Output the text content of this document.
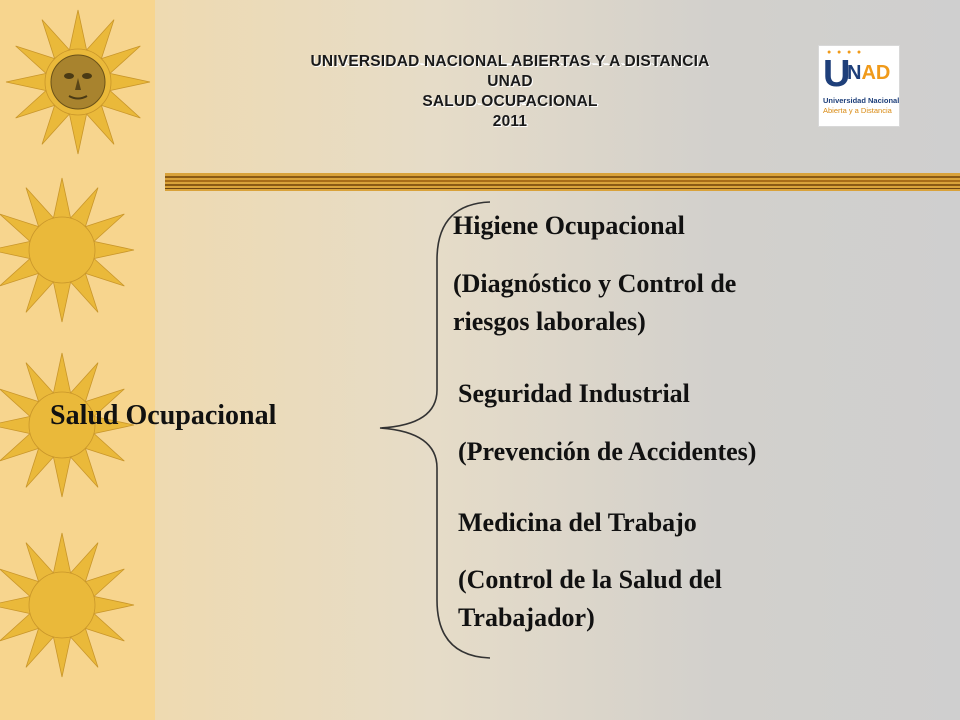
UNIVERSIDAD NACIONAL ABIERTAS Y A DISTANCIA
UNAD
SALUD OCUPACIONAL
2011
● ● ● ●
U
NAD
Universidad Nacional
Abierta y a Distancia
Salud Ocupacional
Higiene Ocupacional
(Diagnóstico y Control de
riesgos laborales)
Seguridad Industrial
(Prevención de Accidentes)
Medicina del Trabajo
(Control de la Salud del
Trabajador)
